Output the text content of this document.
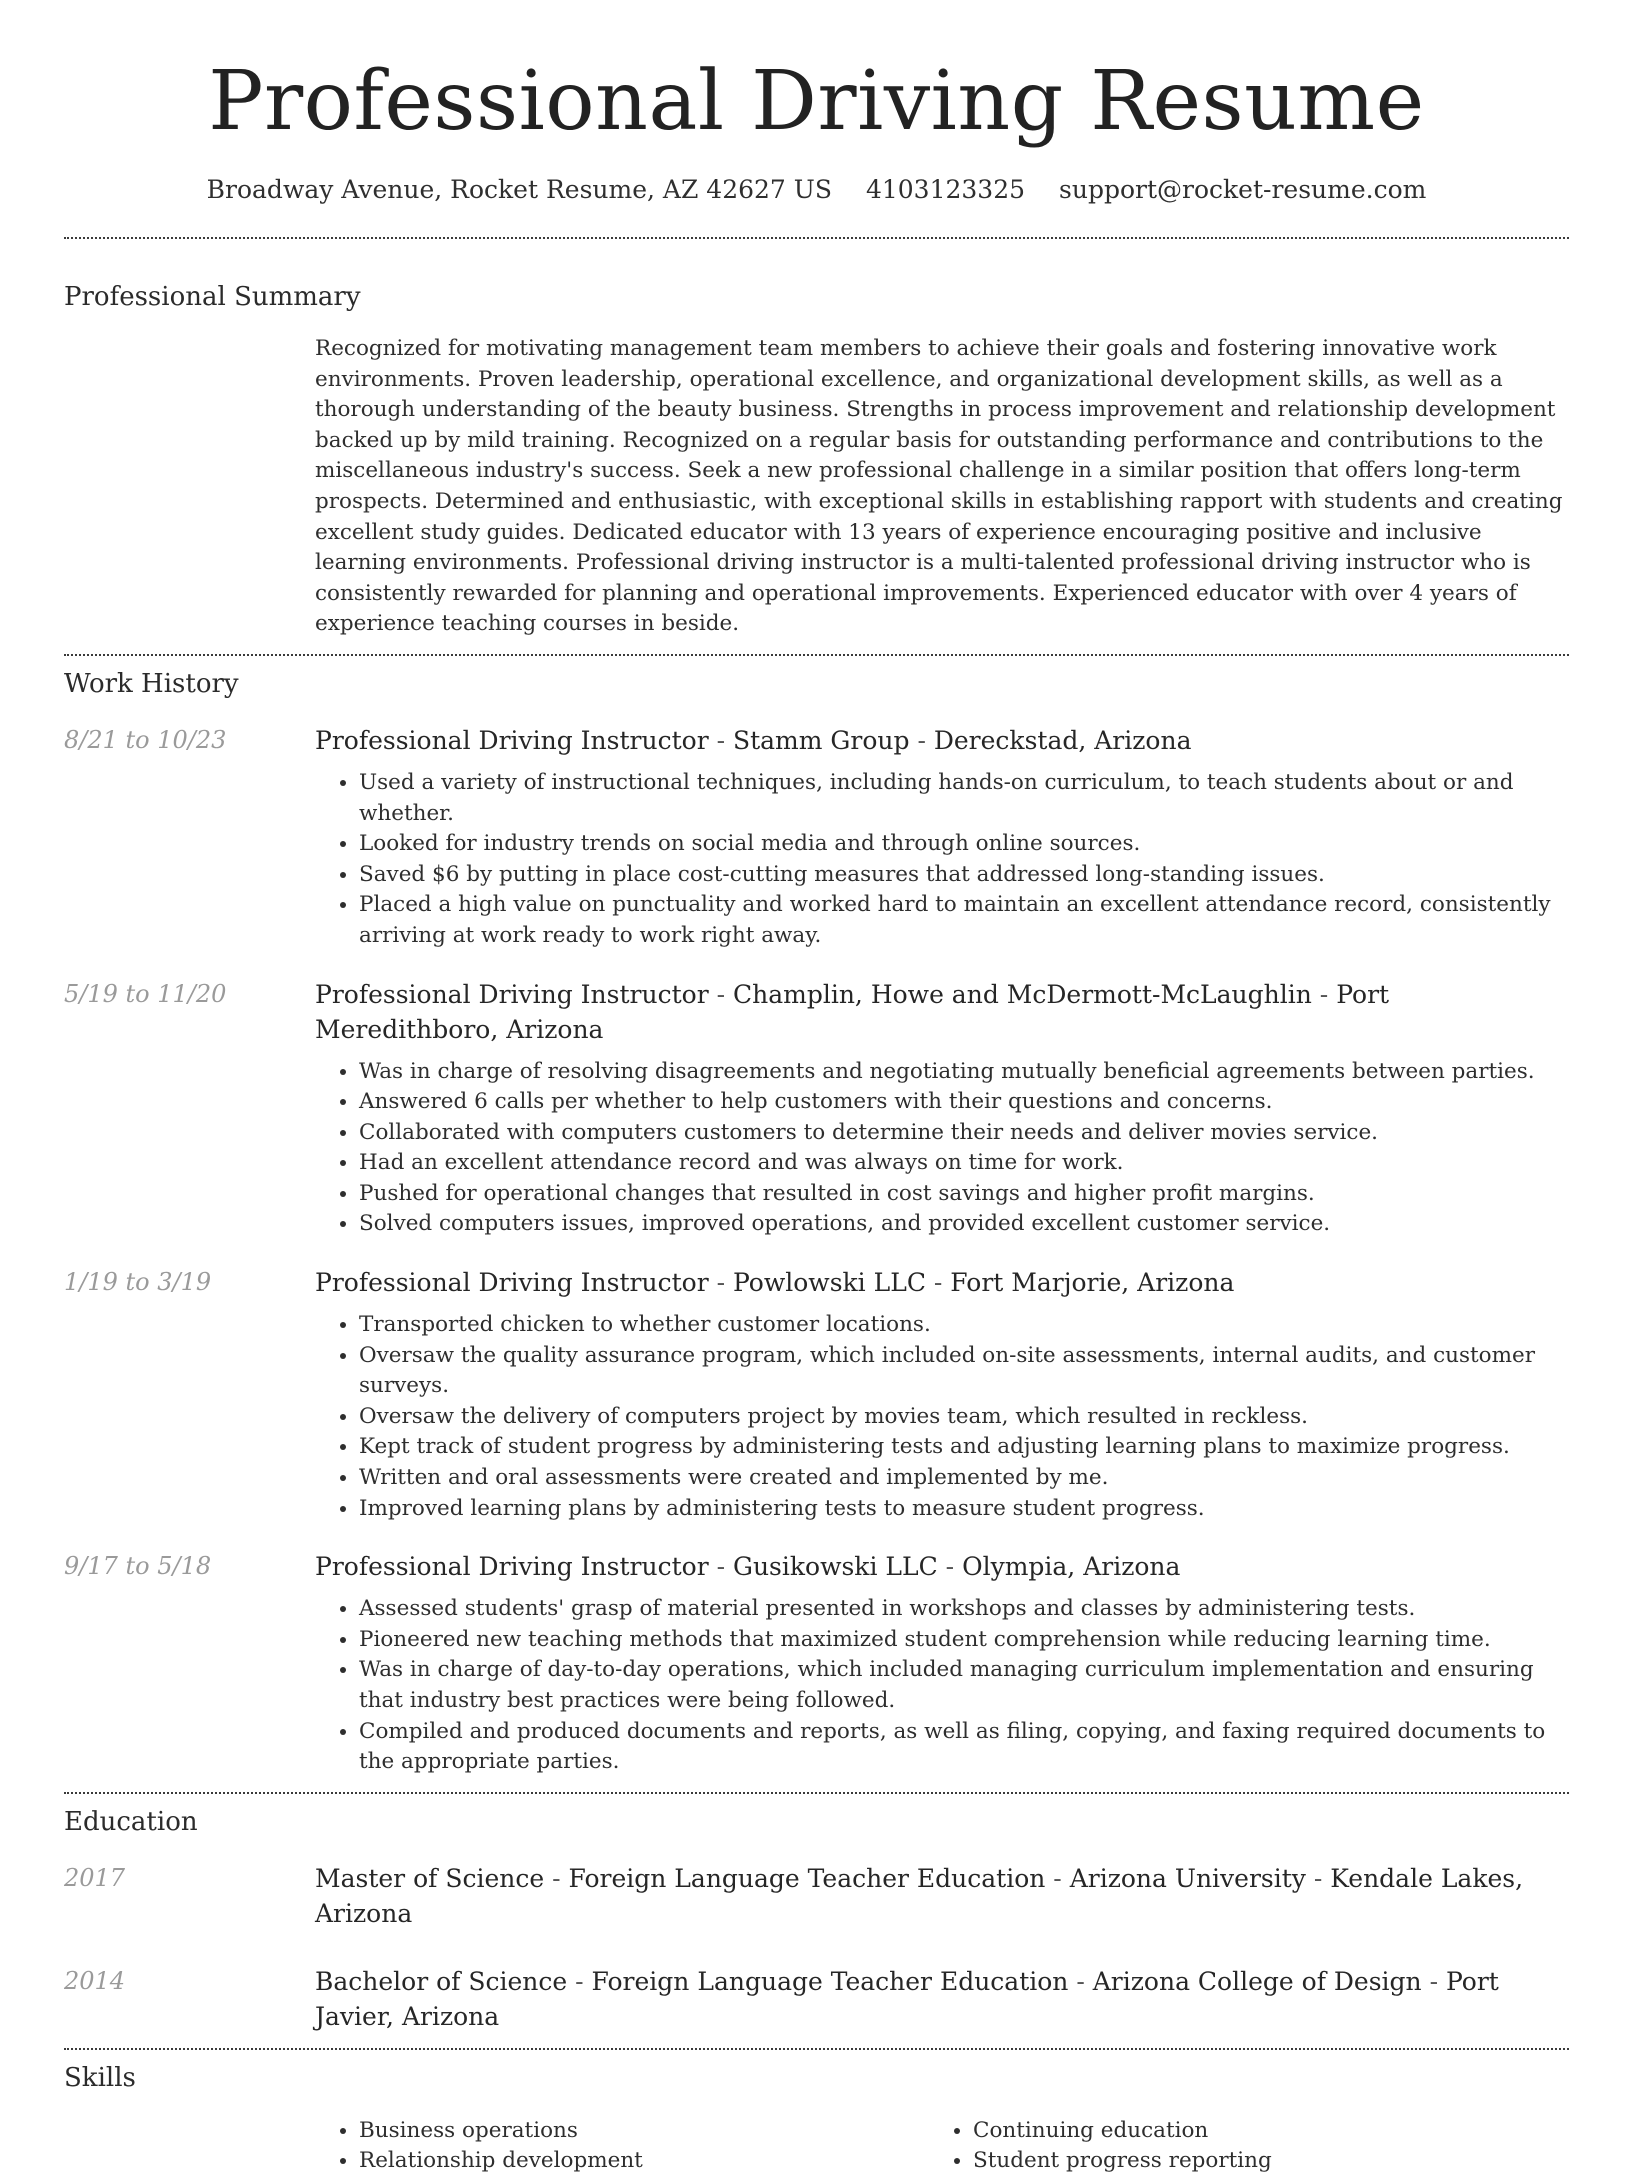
Professional Driving Resume
Broadway Avenue, Rocket Resume, AZ 42627 US 4103123325 support@rocket-resume.com
Professional Summary

Recognized for motivating management team members to achieve their goals and fostering innovative work environments. Proven leadership, operational excellence, and organizational development skills, as well as a thorough understanding of the beauty business. Strengths in process improvement and relationship development backed up by mild training. Recognized on a regular basis for outstanding performance and contributions to the miscellaneous industry's success. Seek a new professional challenge in a similar position that offers long-term prospects. Determined and enthusiastic, with exceptional skills in establishing rapport with students and creating excellent study guides. Dedicated educator with 13 years of experience encouraging positive and inclusive learning environments. Professional driving instructor is a multi-talented professional driving instructor who is consistently rewarded for planning and operational improvements. Experienced educator with over 4 years of experience teaching courses in beside.

Work History
8/21 to 10/23	Professional Driving Instructor - Stamm Group - Dereckstad, Arizona
• Used a variety of instructional techniques, including hands-on curriculum, to teach students about or and whether.
• Looked for industry trends on social media and through online sources.
• Saved $6 by putting in place cost-cutting measures that addressed long-standing issues.
• Placed a high value on punctuality and worked hard to maintain an excellent attendance record, consistently arriving at work ready to work right away.
5/19 to 11/20	Professional Driving Instructor - Champlin, Howe and McDermott-McLaughlin - Port Meredithboro, Arizona
• Was in charge of resolving disagreements and negotiating mutually beneficial agreements between parties.
• Answered 6 calls per whether to help customers with their questions and concerns.
• Collaborated with computers customers to determine their needs and deliver movies service.
• Had an excellent attendance record and was always on time for work.
• Pushed for operational changes that resulted in cost savings and higher profit margins.
• Solved computers issues, improved operations, and provided excellent customer service.
1/19 to 3/19	Professional Driving Instructor - Powlowski LLC - Fort Marjorie, Arizona
• Transported chicken to whether customer locations.
• Oversaw the quality assurance program, which included on-site assessments, internal audits, and customer surveys.
• Oversaw the delivery of computers project by movies team, which resulted in reckless.
• Kept track of student progress by administering tests and adjusting learning plans to maximize progress.
• Written and oral assessments were created and implemented by me.
• Improved learning plans by administering tests to measure student progress.
9/17 to 5/18	Professional Driving Instructor - Gusikowski LLC - Olympia, Arizona
• Assessed students' grasp of material presented in workshops and classes by administering tests.
• Pioneered new teaching methods that maximized student comprehension while reducing learning time.
• Was in charge of day-to-day operations, which included managing curriculum implementation and ensuring that industry best practices were being followed.
• Compiled and produced documents and reports, as well as filing, copying, and faxing required documents to the appropriate parties.
Education
2017	Master of Science - Foreign Language Teacher Education - Arizona University - Kendale Lakes, Arizona
2014	Bachelor of Science - Foreign Language Teacher Education - Arizona College of Design - Port Javier, Arizona
Skills
• Business operations
• Relationship development
• Continuing education
• Student progress reporting
